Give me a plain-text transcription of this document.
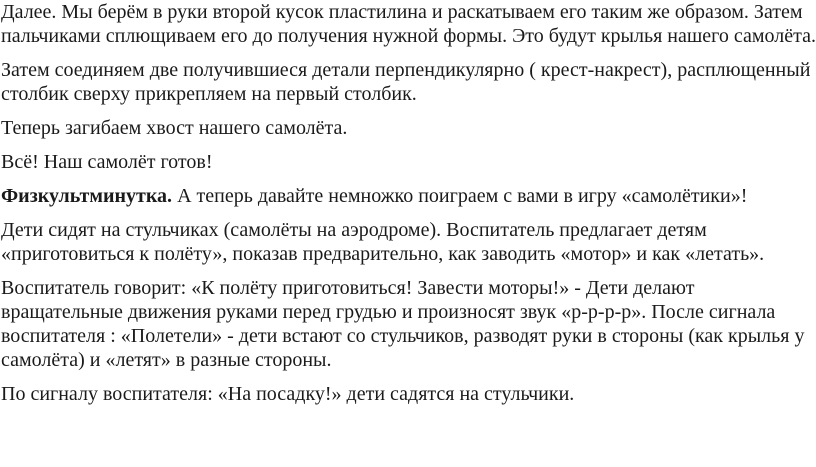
Далее. Мы берём в руки второй кусок пластилина и раскатываем его таким же образом. Затем пальчиками сплющиваем его до получения нужной формы. Это будут крылья нашего самолёта.

Затем соединяем две получившиеся детали перпендикулярно ( крест-накрест), расплющенный столбик сверху прикрепляем на первый столбик.

Теперь загибаем хвост нашего самолёта.

Всё! Наш самолёт готов!

Физкультминутка. А теперь давайте немножко поиграем с вами в игру «самолётики»!

Дети сидят на стульчиках (самолёты на аэродроме). Воспитатель предлагает детям «приготовиться к полёту», показав предварительно, как заводить «мотор» и как «летать».

Воспитатель говорит: «К полёту приготовиться! Завести моторы!» - Дети делают вращательные движения руками перед грудью и произносят звук «р-р-р-р». После сигнала воспитателя : «Полетели» - дети встают со стульчиков, разводят руки в стороны (как крылья у самолёта) и «летят» в разные стороны.

По сигналу воспитателя: «На посадку!» дети садятся на стульчики.
